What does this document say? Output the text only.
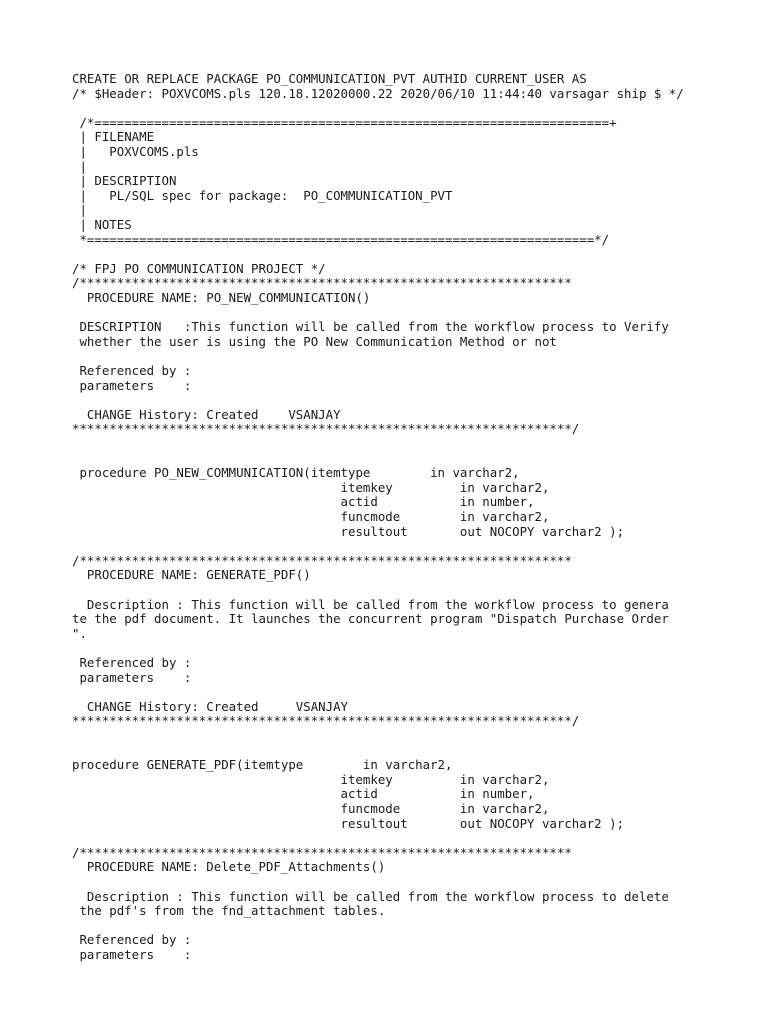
CREATE OR REPLACE PACKAGE PO_COMMUNICATION_PVT AUTHID CURRENT_USER AS
/* $Header: POXVCOMS.pls 120.18.12020000.22 2020/06/10 11:44:40 varsagar ship $ */
/*=====================================================================+
| FILENAME
|   POXVCOMS.pls
|
| DESCRIPTION
|   PL/SQL spec for package:  PO_COMMUNICATION_PVT
|
| NOTES
*====================================================================*/
/* FPJ PO COMMUNICATION PROJECT */
/******************************************************************
PROCEDURE NAME: PO_NEW_COMMUNICATION()
DESCRIPTION   :This function will be called from the workflow process to Verify
whether the user is using the PO New Communication Method or not
Referenced by :
parameters    :
CHANGE History: Created    VSANJAY
*******************************************************************/
procedure PO_NEW_COMMUNICATION(itemtype        in varchar2,
itemkey         in varchar2,
actid           in number,
funcmode        in varchar2,
resultout       out NOCOPY varchar2 );
/******************************************************************
PROCEDURE NAME: GENERATE_PDF()
Description : This function will be called from the workflow process to genera
te the pdf document. It launches the concurrent program "Dispatch Purchase Order
".
Referenced by :
parameters    :
CHANGE History: Created     VSANJAY
*******************************************************************/
procedure GENERATE_PDF(itemtype        in varchar2,
itemkey         in varchar2,
actid           in number,
funcmode        in varchar2,
resultout       out NOCOPY varchar2 );
/******************************************************************
PROCEDURE NAME: Delete_PDF_Attachments()
Description : This function will be called from the workflow process to delete
the pdf's from the fnd_attachment tables.
Referenced by :
parameters    :
